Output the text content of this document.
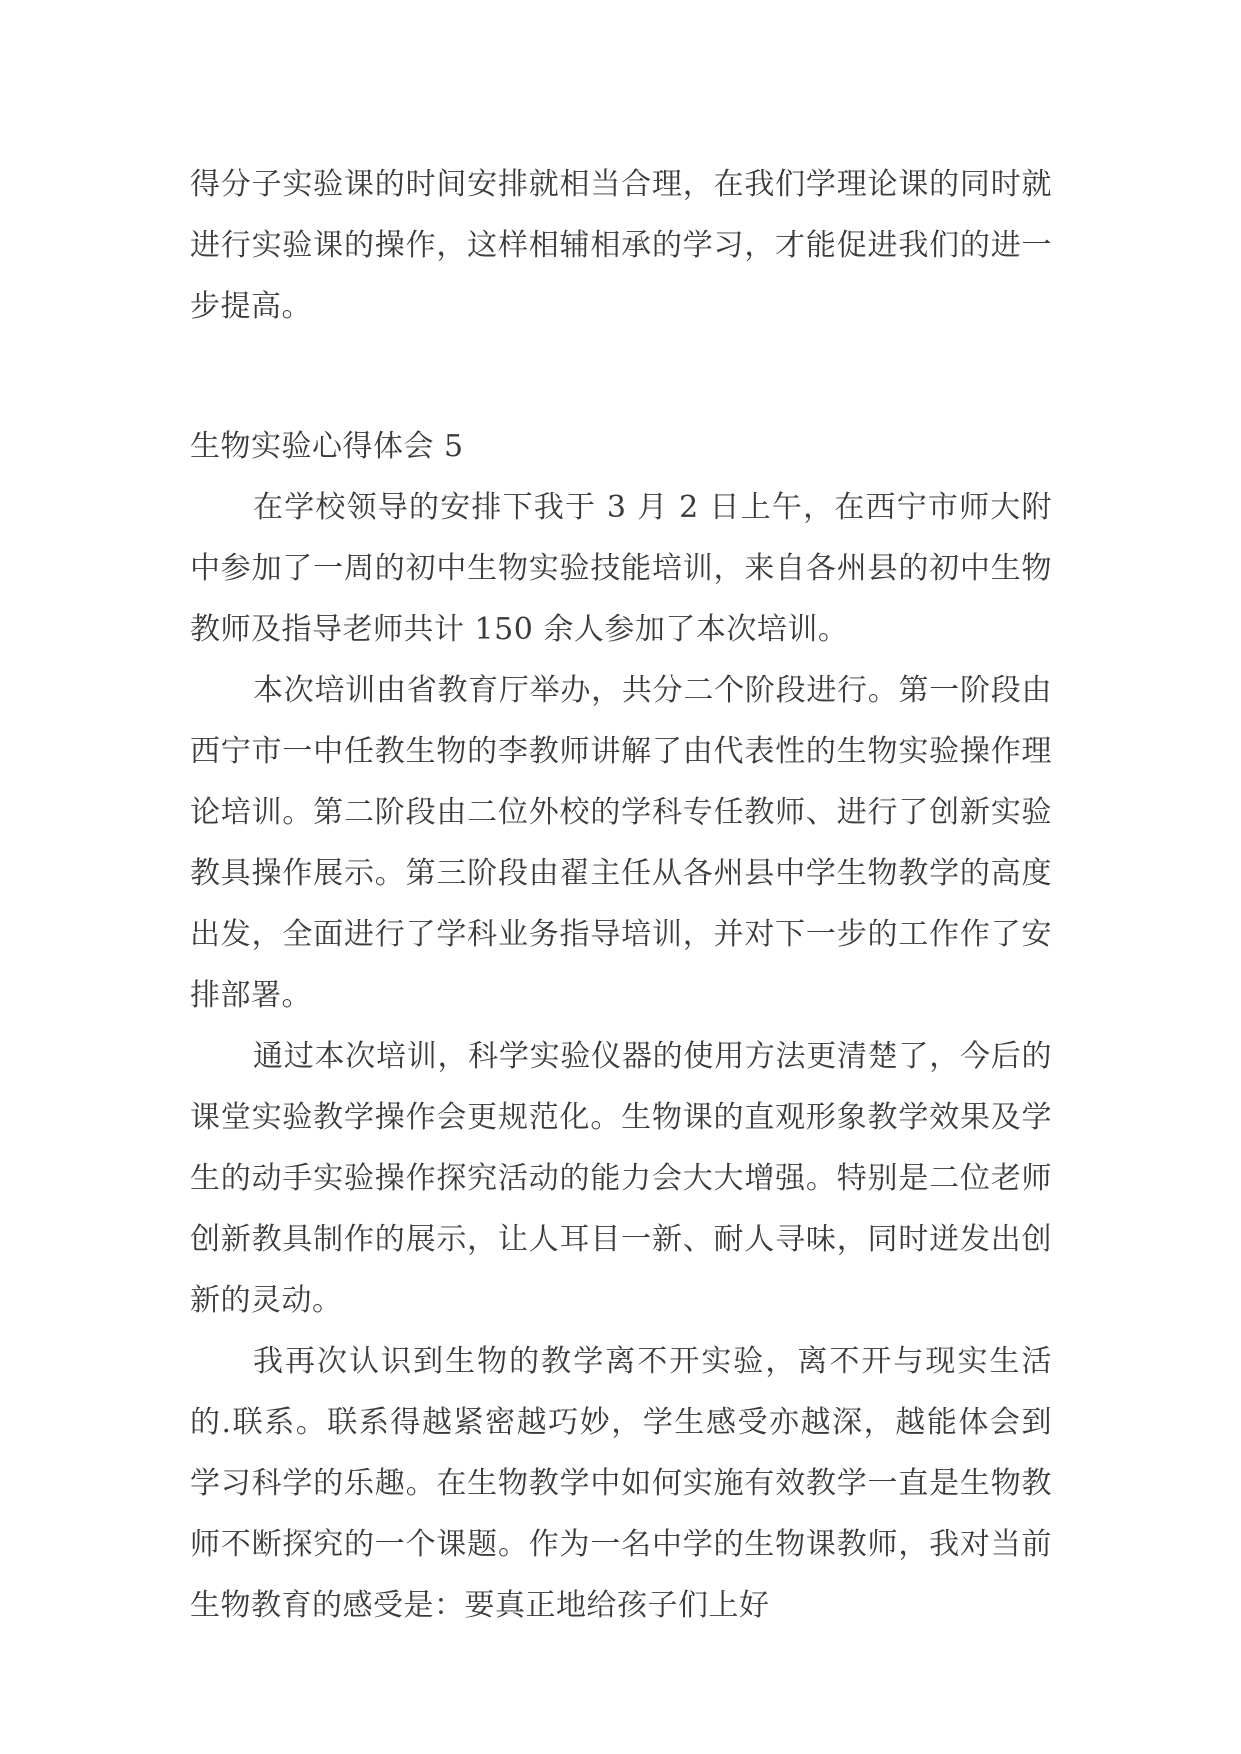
得分子实验课的时间安排就相当合理，在我们学理论课的同时就进行实验课的操作，这样相辅相承的学习，才能促进我们的进一步提高。

生物实验心得体会 5

在学校领导的安排下我于 3 月 2 日上午，在西宁市师大附中参加了一周的初中生物实验技能培训，来自各州县的初中生物教师及指导老师共计 150 余人参加了本次培训。

本次培训由省教育厅举办，共分二个阶段进行。第一阶段由西宁市一中任教生物的李教师讲解了由代表性的生物实验操作理论培训。第二阶段由二位外校的学科专任教师、进行了创新实验教具操作展示。第三阶段由翟主任从各州县中学生物教学的高度出发，全面进行了学科业务指导培训，并对下一步的工作作了安排部署。

通过本次培训，科学实验仪器的使用方法更清楚了，今后的课堂实验教学操作会更规范化。生物课的直观形象教学效果及学生的动手实验操作探究活动的能力会大大增强。特别是二位老师创新教具制作的展示，让人耳目一新、耐人寻味，同时迸发出创新的灵动。

我再次认识到生物的教学离不开实验，离不开与现实生活的.联系。联系得越紧密越巧妙，学生感受亦越深，越能体会到学习科学的乐趣。在生物教学中如何实施有效教学一直是生物教师不断探究的一个课题。作为一名中学的生物课教师，我对当前生物教育的感受是：要真正地给孩子们上好
